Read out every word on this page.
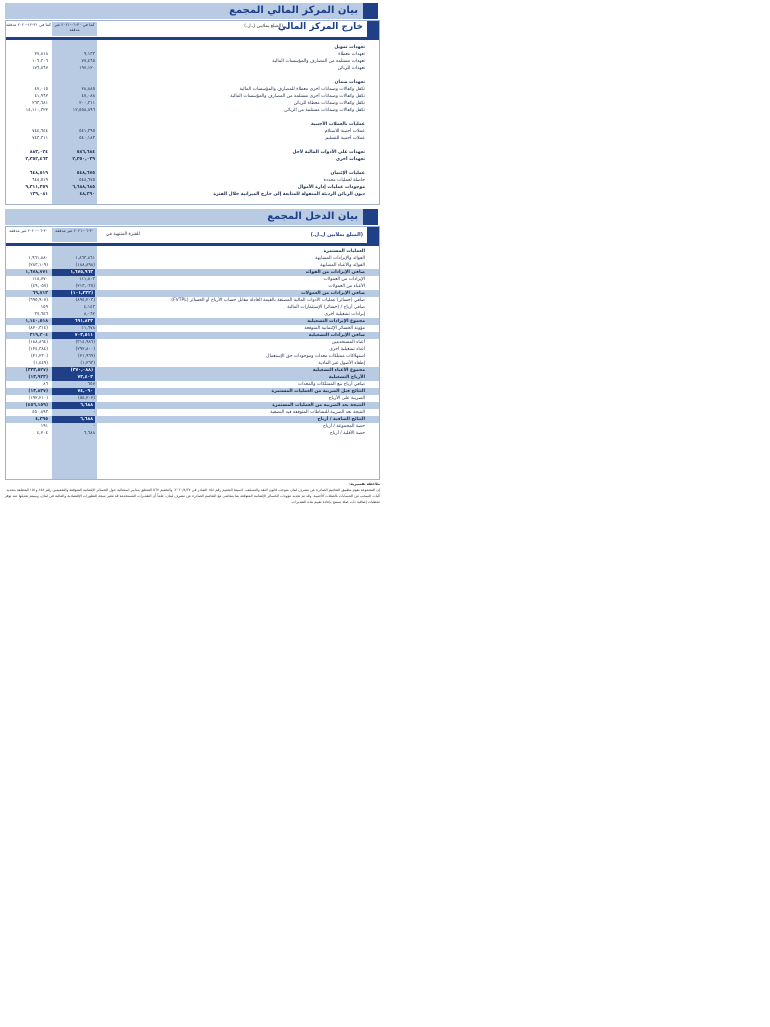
بيان المركز المالي المجمع
خارج المركز المالي
(المبلغ بملايين ل.ل.)
كما في ٣٠-٠٦-٢٠٢١ غير مدققة
كما في ٣١-١٢-٢٠٢٠ مدققة
تعهدات تمويل
تعهدات معطاة
٩,١٣٣
٢٧,٨١٨
تعهدات مستلمة من المصارف والمؤسسات المالية
٧٧,٤٦٥
١٠٦,٣٠٦
تعهدات للزبائن
١٩٧,١٢٠
١٧٦,٨٦٧
تعهدات ضمان
تكفل وكفالات وضمانات أخرى معطاة للمصارف والمؤسسات المالية
٢٨,٨٨٥
٤٧,٠١٥
تكفل وكفالات وضمانات أخرى مستلمة من المصارف والمؤسسات المالية
٤٧,٠٨٨
٤١,٩٦٢
تكفل وكفالات وضمانات معطاة للزبائن
٢٠٠,٣١١
٢٦٣,٦٨١
تكفل وكفالات وضمانات مستلمة من الزبائن
١٢,٥٥٨,٨٩٦
١٤,١١٠,٣٢٢
عمليات بالعملات الأجنبية
عملات أجنبية للاستلام
٥٤١,٣٩٥
٧٤٤,٦٤٤
عملات أجنبية للتسليم
٥٤٠,١٨٣
٧٤٣,٣١١
تعهدات على الأدوات المالية لأجل
٥٨٦,٦٨٤
٨٨٣,٠٢٤
تعهدات أخرى
٢,٣٥٠,٠٣٩
٢,٣٥٢,٤٦٣
عمليات الإئتمان
٥٤٨,٦٧٥
٦٤٨,٥١٩
حاصلة لعمليات محددة
٥٤٨,٦٧٥
٦٤٨,٥١٩
موجودات عمليات إدارة الأموال
٦,٦٨٨,٦٨٥
٩,٣١١,٣٥٩
ديون الزبائن الرديئة المنقولة للمتابعة إلى خارج الميزانية خلال الفترة
٤٨,٢٩٠
١٣٩,٠٨١
بيان الدخل المجمع
(المبلغ بملايين ل.ل.)
للفترة المنتهية في
٣٠-٠٦-٢٠٢١ غير مدققة
٣٠-٠٦-٢٠٢٠ غير مدققة
العمليات المستمرة
الفوائد والإيرادات المشابهة
١,٨٦٣,٨٦١
١,٩٦١,٨٨٠
الفوائد والأعباء المشابهة
(١٨٨,٨٩٨)
(٢٨٣,١٠٩)
صافي الإيرادات من الفوائد
١,٦٧٥,٩٦٣
١,٦٧٨,٧٧١
الإيرادات من العمولات
١١١,٨٠٣
١١٨,٧٧٠
الأعباء من العمولات
(٢١٣,٠٣٥)
(٤٩,٠٥٧)
صافي الإيرادات من العمولات
(١٠١,٢٣٢)
٦٩,٧١٣
صافي (خسائر) عمليات الأدوات المالية المصنفة بالقيمة العادلة مقابل حساب الأرباح أو الخسائر (FVTPL)
(٨٩٤,٢٠٣)
(٦٩٥,٩٠٧)
صافي أرباح / (خسائر) الإستثمارات المالية
٤,١٤٣
١٥٩
إيرادات تشغيلية أخرى
٨,٠٦٢
٣٧,٦٤٦
مجموع الإيرادات التشغيلية
٦٩١,٨٣٣
١,١٤٠,٥١٨
مؤونة الخسائر الإئتمانية المتوقعة
١١,٦٧٨
(٨٢٠,٣١٤)
صافي الإيرادات التشغيلية
٧٠٣,٥١١
٣١٩,٢٠٤
أعباء المستخدمين
(٣١٤,٩٨٦)
(١٨٨,٨٦٤)
أعباء تشغيلية أخرى
(٢٩٢,٨٠٠)
(١٢٤,٣٨٤)
استهلاكات ممتلكات معدات وموجودات حق الإستعمال
(٢١,٩٦٩)
(٢١,٢٣٠)
إطفاء الأصول غير المادية
(١,٢٦٣)
(١,٤٤٩)
مجموع الأعباء التشغيلية
(٣٧٠,٠٨٨)
(٣٣٣,٥٢٧)
الأرباح التشغيلية
٧٣,٤٠٣
(١٣,٩٢٣)
صافي أرباح بيع الممتلكات والمعدات
٦٥٧
٨٦
النتائج قبل الضريبة من العمليات المستمرة
٧٤,٠٩٠
(١٣,٨٣٧)
الضريبة على الأرباح
(٥٤,٢٠٢)
(١٩٢,٢١٠)
النتيجة بعد الضريبة من العمليات المستمرة
٦,٦٨٨
(٤٥٦,١٥٩)
النتيجة بعد الضريبة للنشاطات المتوقفة قيد التصفية
-
٤٥٠,٨٩٣
النتائج الصافية / أرباح
٦,٦٨٨
٤,٣٩٥
حصة المجموعة / أرباح
-
١٩١
حصة الأقلية / أرباح
٦,٦٨٨
٤,٢٠٤
ملاحظة تفسيرية:
إن المجموعة تقوم بتطبيق التعاميم الصادرة عن مصرف لبنان بموجب قانون النقد والتسليف، لاسيما التعميم رقم ١٥٤ الصادر في ٢٠٢٠/٨/٢٧، والتعميم ٥٦٧ المتعلق بتدابير استثنائية حول الخسائر الإئتمانية المتوقعة والتعميمين رقم ١٥٨ و١٥١ المتعلقة بتحديد آليات السحب من الحسابات بالعملات الأجنبية. وقد تم تحديد مؤونات الخسائر الإئتمانية المتوقعة بما يتماشى مع التعاميم الصادرة عن مصرف لبنان، علماً أن التقديرات المستخدمة قد تتغير نتيجة التطورات الإقتصادية والمالية في لبنان، وسيتم تعديلها عند توفر معطيات إضافية ذات صلة تسمح بإعادة تقييم هذه التقديرات.
